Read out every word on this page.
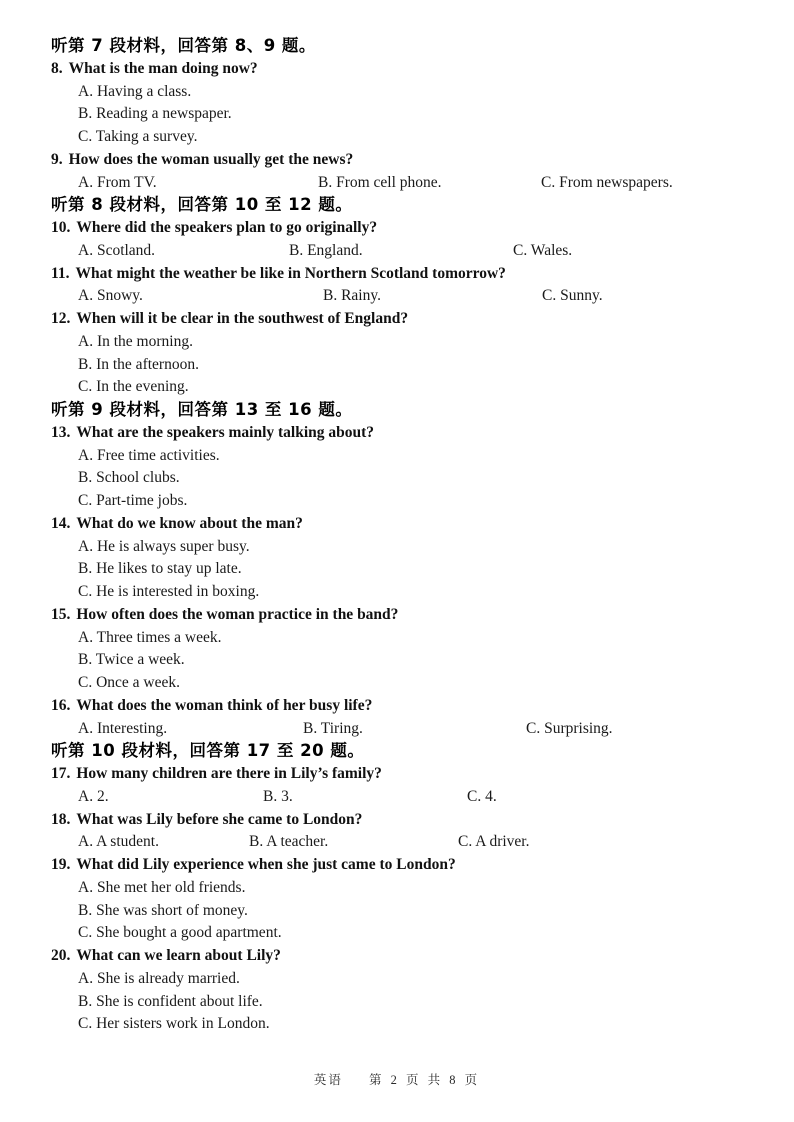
听第 7 段材料，回答第 8、9 题。
8. What is the man doing now?
A. Having a class.
B. Reading a newspaper.
C. Taking a survey.
9. How does the woman usually get the news?
A. From TV.	B. From cell phone.	C. From newspapers.
听第 8 段材料，回答第 10 至 12 题。
10. Where did the speakers plan to go originally?
A. Scotland.	B. England.	C. Wales.
11. What might the weather be like in Northern Scotland tomorrow?
A. Snowy.	B. Rainy.	C. Sunny.
12. When will it be clear in the southwest of England?
A. In the morning.
B. In the afternoon.
C. In the evening.
听第 9 段材料，回答第 13 至 16 题。
13. What are the speakers mainly talking about?
A. Free time activities.
B. School clubs.
C. Part-time jobs.
14. What do we know about the man?
A. He is always super busy.
B. He likes to stay up late.
C. He is interested in boxing.
15. How often does the woman practice in the band?
A. Three times a week.
B. Twice a week.
C. Once a week.
16. What does the woman think of her busy life?
A. Interesting.	B. Tiring.	C. Surprising.
听第 10 段材料，回答第 17 至 20 题。
17. How many children are there in Lily’s family?
A. 2.	B. 3.	C. 4.
18. What was Lily before she came to London?
A. A student.	B. A teacher.	C. A driver.
19. What did Lily experience when she just came to London?
A. She met her old friends.
B. She was short of money.
C. She bought a good apartment.
20. What can we learn about Lily?
A. She is already married.
B. She is confident about life.
C. Her sisters work in London.
英语 第 2 页 共 8 页
